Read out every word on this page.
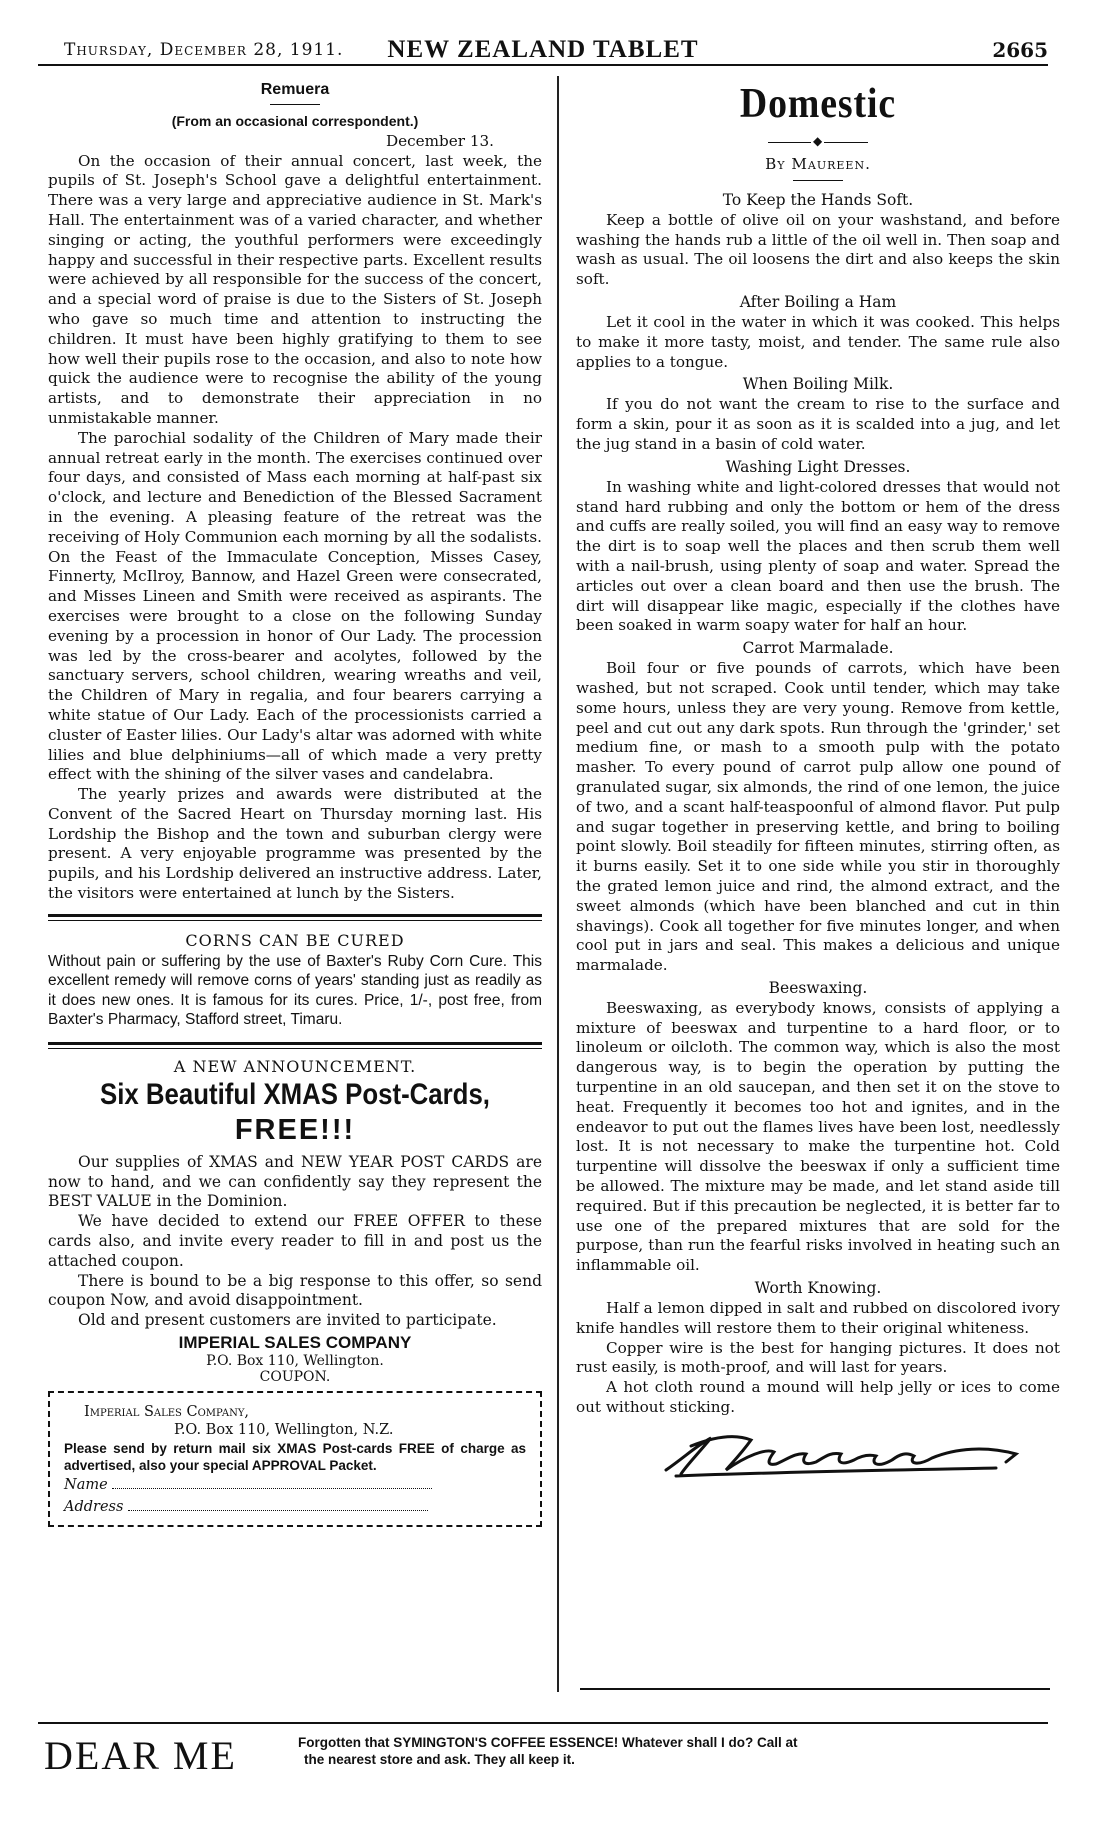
Thursday, December 28, 1911.	NEW ZEALAND TABLET	2665
Remuera

(From an occasional correspondent.)

December 13.

On the occasion of their annual concert, last week, the pupils of St. Joseph's School gave a delightful entertainment. There was a very large and appreciative audience in St. Mark's Hall. The entertainment was of a varied character, and whether singing or acting, the youthful performers were exceedingly happy and successful in their respective parts. Excellent results were achieved by all responsible for the success of the concert, and a special word of praise is due to the Sisters of St. Joseph who gave so much time and attention to instructing the children. It must have been highly gratifying to them to see how well their pupils rose to the occasion, and also to note how quick the audience were to recognise the ability of the young artists, and to demonstrate their appreciation in no unmistakable manner.

The parochial sodality of the Children of Mary made their annual retreat early in the month. The exercises continued over four days, and consisted of Mass each morning at half-past six o'clock, and lecture and Benediction of the Blessed Sacrament in the evening. A pleasing feature of the retreat was the receiving of Holy Communion each morning by all the sodalists. On the Feast of the Immaculate Conception, Misses Casey, Finnerty, McIlroy, Bannow, and Hazel Green were consecrated, and Misses Lineen and Smith were received as aspirants. The exercises were brought to a close on the following Sunday evening by a procession in honor of Our Lady. The procession was led by the cross-bearer and acolytes, followed by the sanctuary servers, school children, wearing wreaths and veil, the Children of Mary in regalia, and four bearers carrying a white statue of Our Lady. Each of the processionists carried a cluster of Easter lilies. Our Lady's altar was adorned with white lilies and blue delphiniums—all of which made a very pretty effect with the shining of the silver vases and candelabra.

The yearly prizes and awards were distributed at the Convent of the Sacred Heart on Thursday morning last. His Lordship the Bishop and the town and suburban clergy were present. A very enjoyable programme was presented by the pupils, and his Lordship delivered an instructive address. Later, the visitors were entertained at lunch by the Sisters.

CORNS CAN BE CURED

Without pain or suffering by the use of Baxter's Ruby Corn Cure. This excellent remedy will remove corns of years' standing just as readily as it does new ones. It is famous for its cures. Price, 1/-, post free, from Baxter's Pharmacy, Stafford street, Timaru.

A NEW ANNOUNCEMENT.
Six Beautiful XMAS Post-Cards,
FREE!!!

Our supplies of XMAS and NEW YEAR POST CARDS are now to hand, and we can confidently say they represent the BEST VALUE in the Dominion.

We have decided to extend our FREE OFFER to these cards also, and invite every reader to fill in and post us the attached coupon.

There is bound to be a big response to this offer, so send coupon Now, and avoid disappointment.

Old and present customers are invited to participate.

IMPERIAL SALES COMPANY

P.O. Box 110, Wellington.

COUPON.

Imperial Sales Company,

P.O. Box 110, Wellington, N.Z.

Please send by return mail six XMAS Post-cards FREE of charge as advertised, also your special APPROVAL Packet.

Name

Address

Domestic
◆

By Maureen.

To Keep the Hands Soft.

Keep a bottle of olive oil on your washstand, and before washing the hands rub a little of the oil well in. Then soap and wash as usual. The oil loosens the dirt and also keeps the skin soft.

After Boiling a Ham

Let it cool in the water in which it was cooked. This helps to make it more tasty, moist, and tender. The same rule also applies to a tongue.

When Boiling Milk.

If you do not want the cream to rise to the surface and form a skin, pour it as soon as it is scalded into a jug, and let the jug stand in a basin of cold water.

Washing Light Dresses.

In washing white and light-colored dresses that would not stand hard rubbing and only the bottom or hem of the dress and cuffs are really soiled, you will find an easy way to remove the dirt is to soap well the places and then scrub them well with a nail-brush, using plenty of soap and water. Spread the articles out over a clean board and then use the brush. The dirt will disappear like magic, especially if the clothes have been soaked in warm soapy water for half an hour.

Carrot Marmalade.

Boil four or five pounds of carrots, which have been washed, but not scraped. Cook until tender, which may take some hours, unless they are very young. Remove from kettle, peel and cut out any dark spots. Run through the 'grinder,' set medium fine, or mash to a smooth pulp with the potato masher. To every pound of carrot pulp allow one pound of granulated sugar, six almonds, the rind of one lemon, the juice of two, and a scant half-teaspoonful of almond flavor. Put pulp and sugar together in preserving kettle, and bring to boiling point slowly. Boil steadily for fifteen minutes, stirring often, as it burns easily. Set it to one side while you stir in thoroughly the grated lemon juice and rind, the almond extract, and the sweet almonds (which have been blanched and cut in thin shavings). Cook all together for five minutes longer, and when cool put in jars and seal. This makes a delicious and unique marmalade.

Beeswaxing.

Beeswaxing, as everybody knows, consists of applying a mixture of beeswax and turpentine to a hard floor, or to linoleum or oilcloth. The common way, which is also the most dangerous way, is to begin the operation by putting the turpentine in an old saucepan, and then set it on the stove to heat. Frequently it becomes too hot and ignites, and in the endeavor to put out the flames lives have been lost, needlessly lost. It is not necessary to make the turpentine hot. Cold turpentine will dissolve the beeswax if only a sufficient time be allowed. The mixture may be made, and let stand aside till required. But if this precaution be neglected, it is better far to use one of the prepared mixtures that are sold for the purpose, than run the fearful risks involved in heating such an inflammable oil.

Worth Knowing.

Half a lemon dipped in salt and rubbed on discolored ivory knife handles will restore them to their original whiteness.

Copper wire is the best for hanging pictures. It does not rust easily, is moth-proof, and will last for years.

A hot cloth round a mound will help jelly or ices to come out without sticking.

Maureen
DEAR ME	Forgotten that SYMINGTON'S COFFEE ESSENCE! Whatever shall I do? Call at
the nearest store and ask. They all keep it.
